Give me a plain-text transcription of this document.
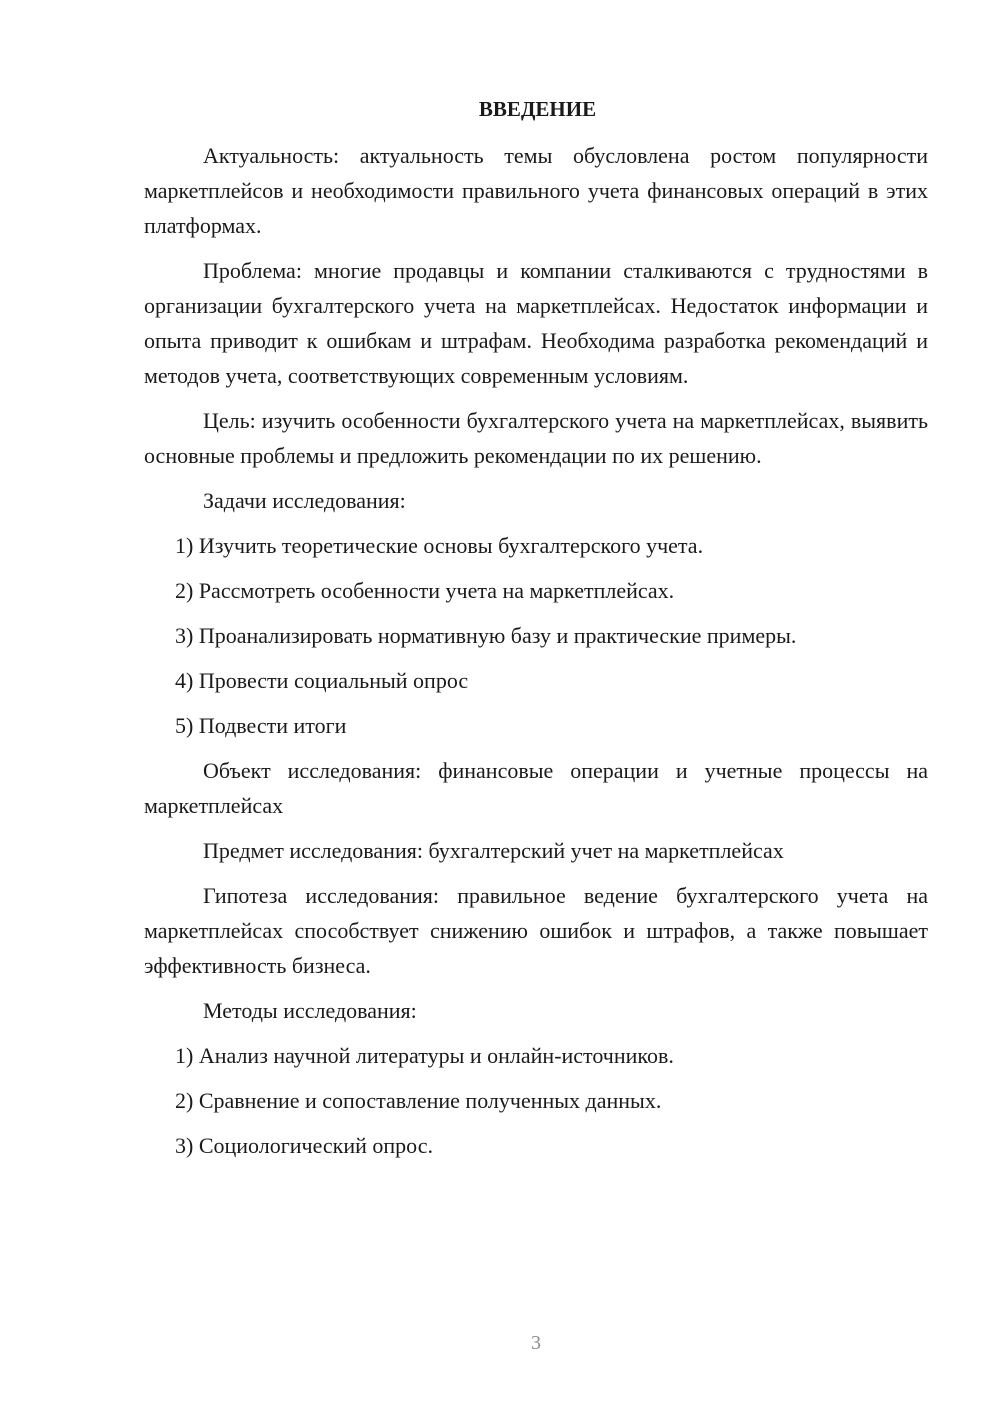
ВВЕДЕНИЕ

Актуальность: актуальность темы обусловлена ростом популярности маркетплейсов и необходимости правильного учета финансовых операций в этих платформах.

Проблема: многие продавцы и компании сталкиваются с трудностями в организации бухгалтерского учета на маркетплейсах. Недостаток информации и опыта приводит к ошибкам и штрафам. Необходима разработка рекомендаций и методов учета, соответствующих современным условиям.

Цель: изучить особенности бухгалтерского учета на маркетплейсах, выявить основные проблемы и предложить рекомендации по их решению.

Задачи исследования:

1) Изучить теоретические основы бухгалтерского учета.
2) Рассмотреть особенности учета на маркетплейсах.
3) Проанализировать нормативную базу и практические примеры.
4) Провести социальный опрос
5) Подвести итоги

Объект исследования: финансовые операции и учетные процессы на маркетплейсах

Предмет исследования: бухгалтерский учет на маркетплейсах

Гипотеза исследования: правильное ведение бухгалтерского учета на маркетплейсах способствует снижению ошибок и штрафов, а также повышает эффективность бизнеса.

Методы исследования:

1) Анализ научной литературы и онлайн-источников.
2) Сравнение и сопоставление полученных данных.
3) Социологический опрос.
3
